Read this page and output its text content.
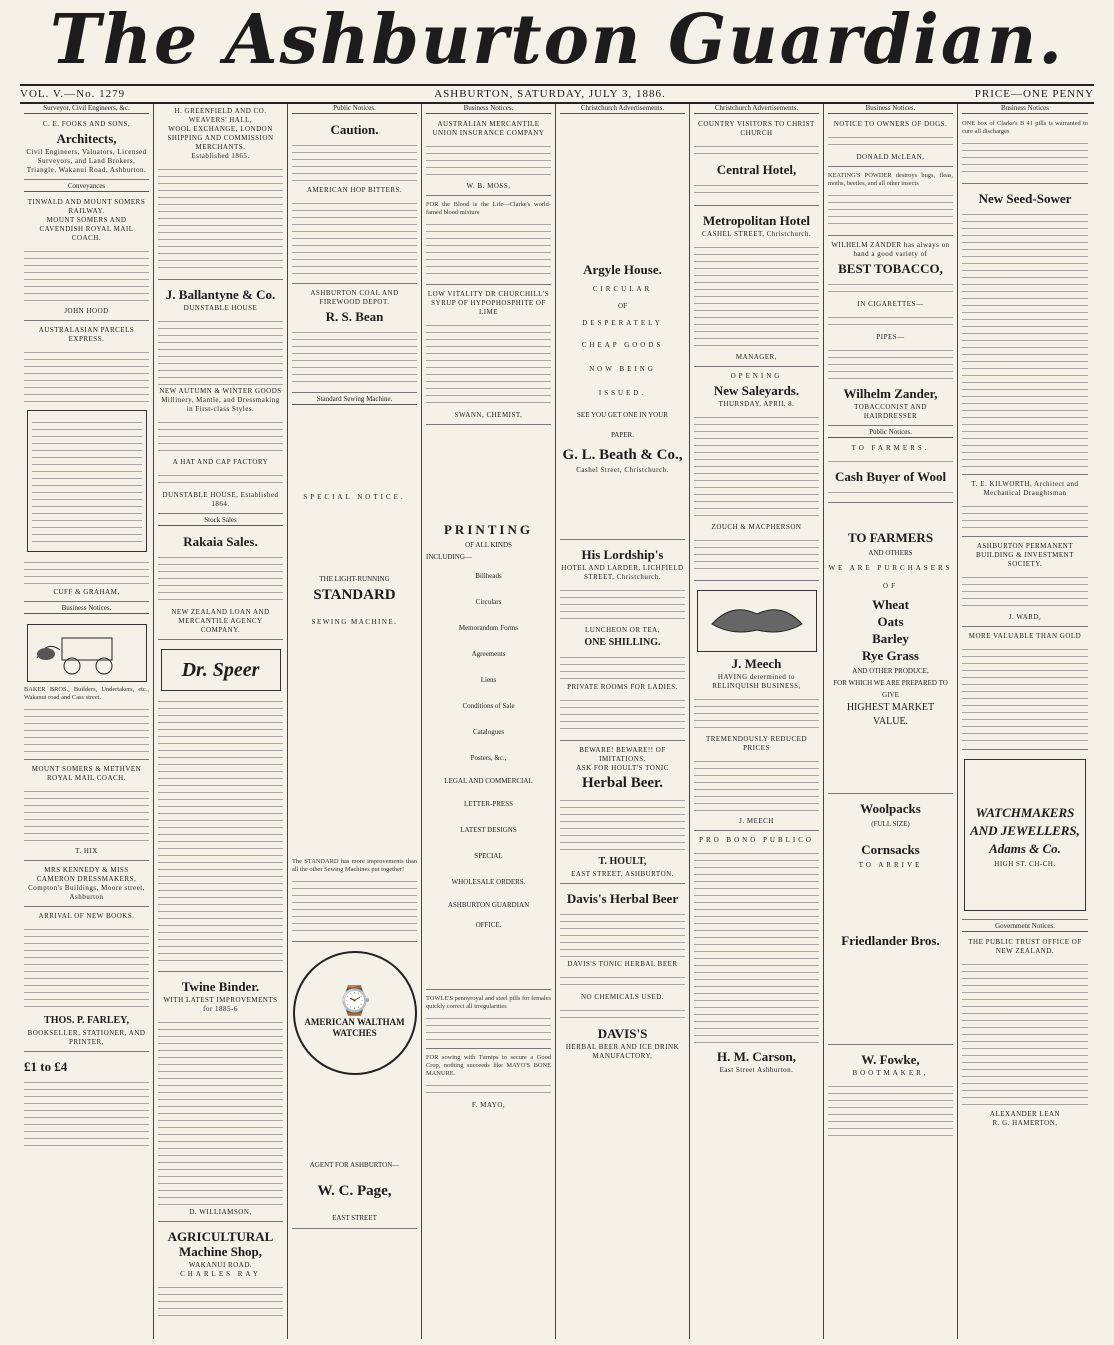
The Ashburton Guardian.
VOL. V.—No. 1279	ASHBURTON, SATURDAY, JULY 3, 1886.	PRICE—ONE PENNY
Surveyor, Civil Engineers, &c.
C. E. FOOKS AND SONS,
Architects,
Civil Engineers, Valuators, Licensed Surveyors, and Land Brokers, Triangle, Wakanui Road, Ashburton.
Conveyances
TINWALD AND MOUNT SOMERS RAILWAY.
MOUNT SOMERS AND CAVENDISH ROYAL MAIL COACH.
JOHN HOOD
AUSTRALASIAN PARCELS EXPRESS.
CUFF & GRAHAM,
Business Notices.
BAKER BROS., Builders, Undertakers, etc., Wakanui road and Cass street.
MOUNT SOMERS & METHVEN ROYAL MAIL COACH.
T. HIX
MRS KENNEDY & MISS CAMERON DRESSMAKERS,
Compton's Buildings, Moore street, Ashburton
ARRIVAL OF NEW BOOKS.
THOS. P. FARLEY,
BOOKSELLER, STATIONER, AND PRINTER,
£1 to £4
H. GREENFIELD AND CO. WEAVERS' HALL,
WOOL EXCHANGE, LONDON SHIPPING AND COMMISSION MERCHANTS.
Established 1865.
J. Ballantyne & Co.
DUNSTABLE HOUSE
NEW AUTUMN & WINTER GOODS
Millinery, Mantle, and Dressmaking in First-class Styles.
A HAT AND CAP FACTORY
DUNSTABLE HOUSE, Established 1864.
Stock Sales
Rakaia Sales.
NEW ZEALAND LOAN AND MERCANTILE AGENCY COMPANY.
Dr. Speer
Twine Binder.
WITH LATEST IMPROVEMENTS for 1885-6
D. WILLIAMSON,
AGRICULTURAL Machine Shop,
WAKANUI ROAD.
CHARLES RAY
Public Notices.
Caution.
AMERICAN HOP BITTERS.
ASHBURTON COAL AND FIREWOOD DEPOT.
R. S. Bean
Standard Sewing Machine.
SPECIAL NOTICE.
THE LIGHT-RUNNING
STANDARD
SEWING MACHINE.
The STANDARD has more improvements than all the other Sewing Machines put together!
⌚
AMERICAN WALTHAM WATCHES
AGENT FOR ASHBURTON—
W. C. Page,
EAST STREET
Business Notices.
AUSTRALIAN MERCANTILE UNION INSURANCE COMPANY
W. B. MOSS,
FOR the Blood is the Life—Clarke's world-famed blood mixture
LOW VITALITY DR CHURCHILL'S SYRUP OF HYPOPHOSPHITE OF LIME
SWANN, CHEMIST,
PRINTING
OF ALL KINDS
INCLUDING—
Billheads
Circulars
Memorandum Forms
Agreements
Liens
Conditions of Sale
Catalogues
Posters, &c.,
LEGAL AND COMMERCIAL
LETTER-PRESS
LATEST DESIGNS
SPECIAL
WHOLESALE ORDERS.
ASHBURTON GUARDIAN
OFFICE.
TOWLE'S pennyroyal and steel pills for females quickly correct all irregularities
FOR sowing with Turnips to secure a Good Crop, nothing succeeds like MAYO'S BONE MANURE.
F. MAYO,
Christchurch Advertisements.
Argyle House.
CIRCULAR
OF
DESPERATELY
CHEAP GOODS
NOW BEING
ISSUED.
SEE YOU GET ONE IN YOUR
PAPER.
G. L. Beath & Co.,
Cashel Street, Christchurch.
His Lordship's
HOTEL AND LARDER, LICHFIELD STREET, Christchurch.
LUNCHEON OR TEA,
ONE SHILLING.
PRIVATE ROOMS FOR LADIES.
BEWARE! BEWARE!! OF IMITATIONS.
ASK FOR HOULT'S TONIC
Herbal Beer.
T. HOULT,
EAST STREET, ASHBURTON.
Davis's Herbal Beer
DAVIS'S TONIC HERBAL BEER
NO CHEMICALS USED.
DAVIS'S
HERBAL BEER AND ICE DRINK MANUFACTORY,
Christchurch Advertisements.
COUNTRY VISITORS TO CHRIST CHURCH
Central Hotel,
Metropolitan Hotel
CASHEL STREET, Christchurch.
MANAGER,
OPENING
New Saleyards.
THURSDAY, APRIL 8.
ZOUCH & MACPHERSON
J. Meech
HAVING determined to RELINQUISH BUSINESS,
TREMENDOUSLY REDUCED PRICES
J. MEECH
PRO BONO PUBLICO
H. M. Carson,
East Street Ashburton.
Business Notices.
NOTICE TO OWNERS OF DOGS.
DONALD McLEAN,
KEATING'S POWDER destroys bugs, fleas, moths, beetles, and all other insects
WILHELM ZANDER has always on hand a good variety of
BEST TOBACCO,
IN CIGARETTES—
PIPES—
Wilhelm Zander,
TOBACCONIST AND HAIRDRESSER
Public Notices.
TO FARMERS.
Cash Buyer of Wool
TO FARMERS
AND OTHERS
WE ARE PURCHASERS OF
Wheat
Oats
Barley
Rye Grass
AND OTHER PRODUCE,
FOR WHICH WE ARE PREPARED TO GIVE
HIGHEST MARKET
VALUE.
Woolpacks
(FULL SIZE)
Cornsacks
TO ARRIVE
Friedlander Bros.
W. Fowke,
BOOTMAKER,
Business Notices
ONE box of Clarke's B 41 pills is warranted to cure all discharges
New Seed-Sower
T. E. KILWORTH, Architect and Mechanical Draughtsman
ASHBURTON PERMANENT BUILDING & INVESTMENT SOCIETY.
J. WARD,
MORE VALUABLE THAN GOLD
WATCHMAKERS AND JEWELLERS, Adams & Co.
HIGH ST. CH-CH.
Government Notices.
THE PUBLIC TRUST OFFICE OF NEW ZEALAND.
ALEXANDER LEAN
R. G. HAMERTON,
